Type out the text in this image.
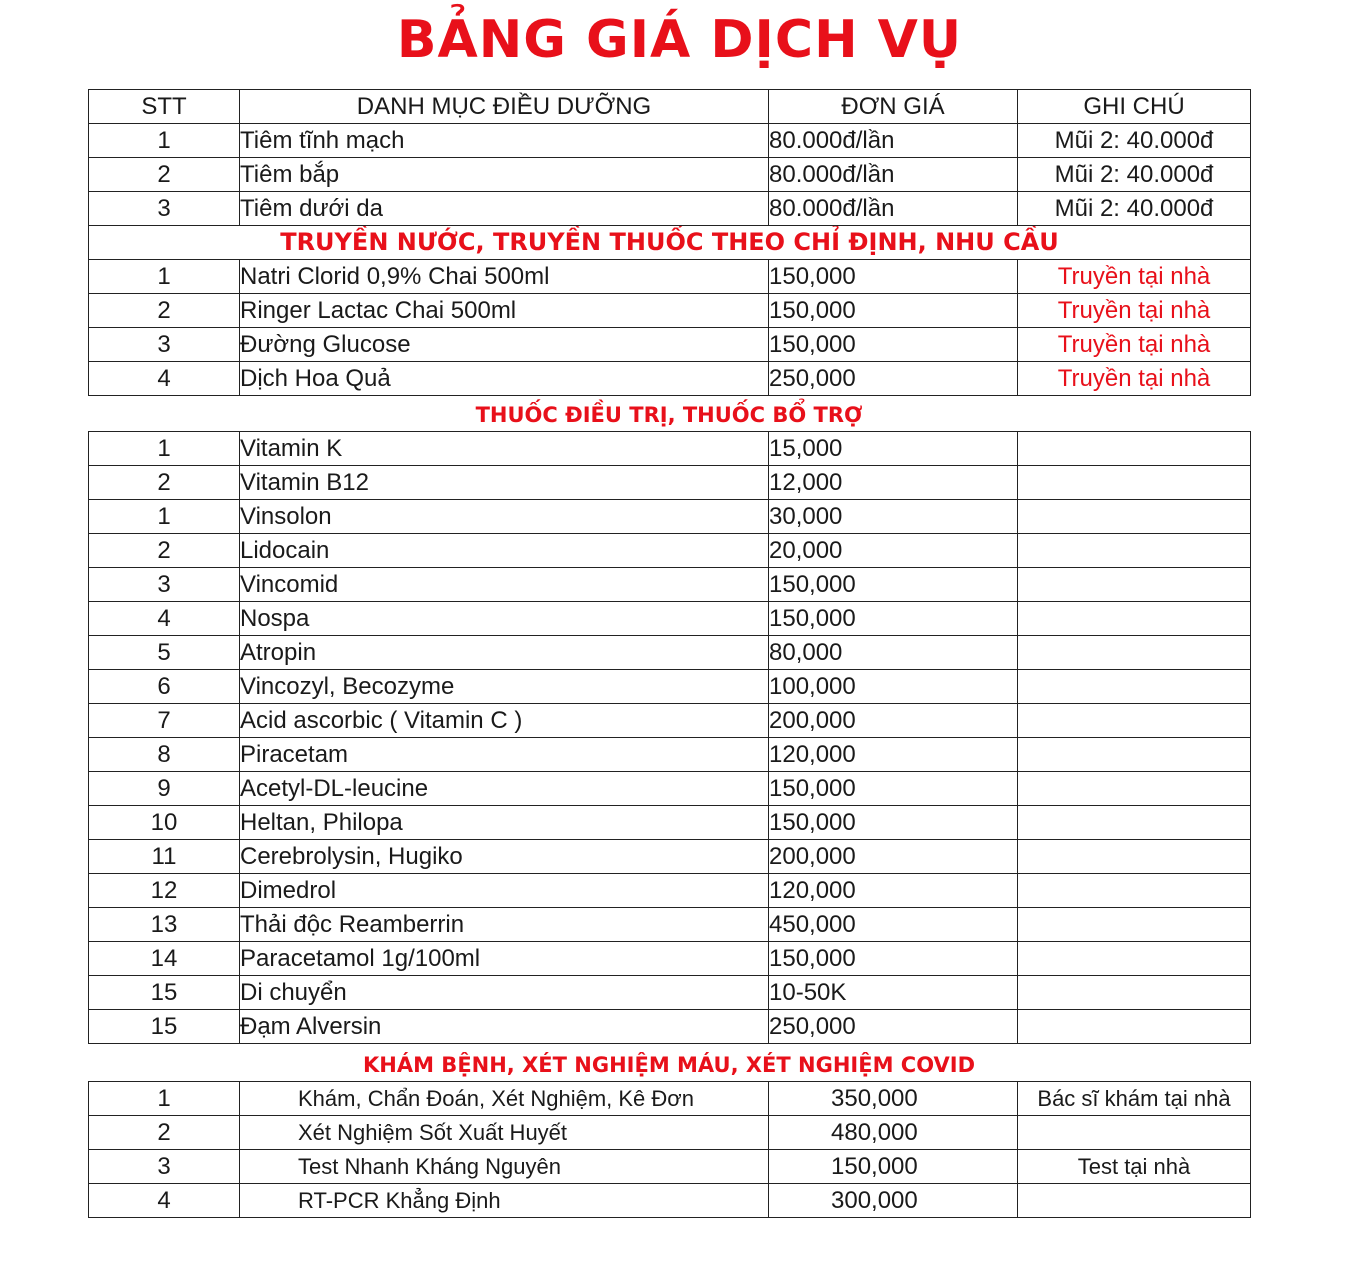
BẢNG GIÁ DỊCH VỤ
STT	DANH MỤC ĐIỀU DƯỠNG	ĐƠN GIÁ	GHI CHÚ
1	Tiêm tĩnh mạch	80.000đ/lần	Mũi 2: 40.000đ
2	Tiêm bắp	80.000đ/lần	Mũi 2: 40.000đ
3	Tiêm dưới da	80.000đ/lần	Mũi 2: 40.000đ
TRUYỀN NƯỚC, TRUYỀN THUỐC THEO CHỈ ĐỊNH, NHU CẦU			
1	Natri Clorid 0,9% Chai 500ml	150,000	Truyền tại nhà
2	Ringer Lactac Chai 500ml	150,000	Truyền tại nhà
3	Đường Glucose	150,000	Truyền tại nhà
4	Dịch Hoa Quả	250,000	Truyền tại nhà
THUỐC ĐIỀU TRỊ, THUỐC BỔ TRỢ
1	Vitamin K	15,000	
2	Vitamin B12	12,000	
1	Vinsolon	30,000	
2	Lidocain	20,000	
3	Vincomid	150,000	
4	Nospa	150,000	
5	Atropin	80,000	
6	Vincozyl, Becozyme	100,000	
7	Acid ascorbic ( Vitamin C )	200,000	
8	Piracetam	120,000	
9	Acetyl-DL-leucine	150,000	
10	Heltan, Philopa	150,000	
11	Cerebrolysin, Hugiko	200,000	
12	Dimedrol	120,000	
13	Thải độc Reamberrin	450,000	
14	Paracetamol 1g/100ml	150,000	
15	Di chuyển	10-50K	
15	Đạm Alversin	250,000	
KHÁM BỆNH, XÉT NGHIỆM MÁU, XÉT NGHIỆM COVID
1	Khám, Chẩn Đoán, Xét Nghiệm, Kê Đơn	350,000	Bác sĩ khám tại nhà
2	Xét Nghiệm Sốt Xuất Huyết	480,000	
3	Test Nhanh Kháng Nguyên	150,000	Test tại nhà
4	RT-PCR Khẳng Định	300,000	
